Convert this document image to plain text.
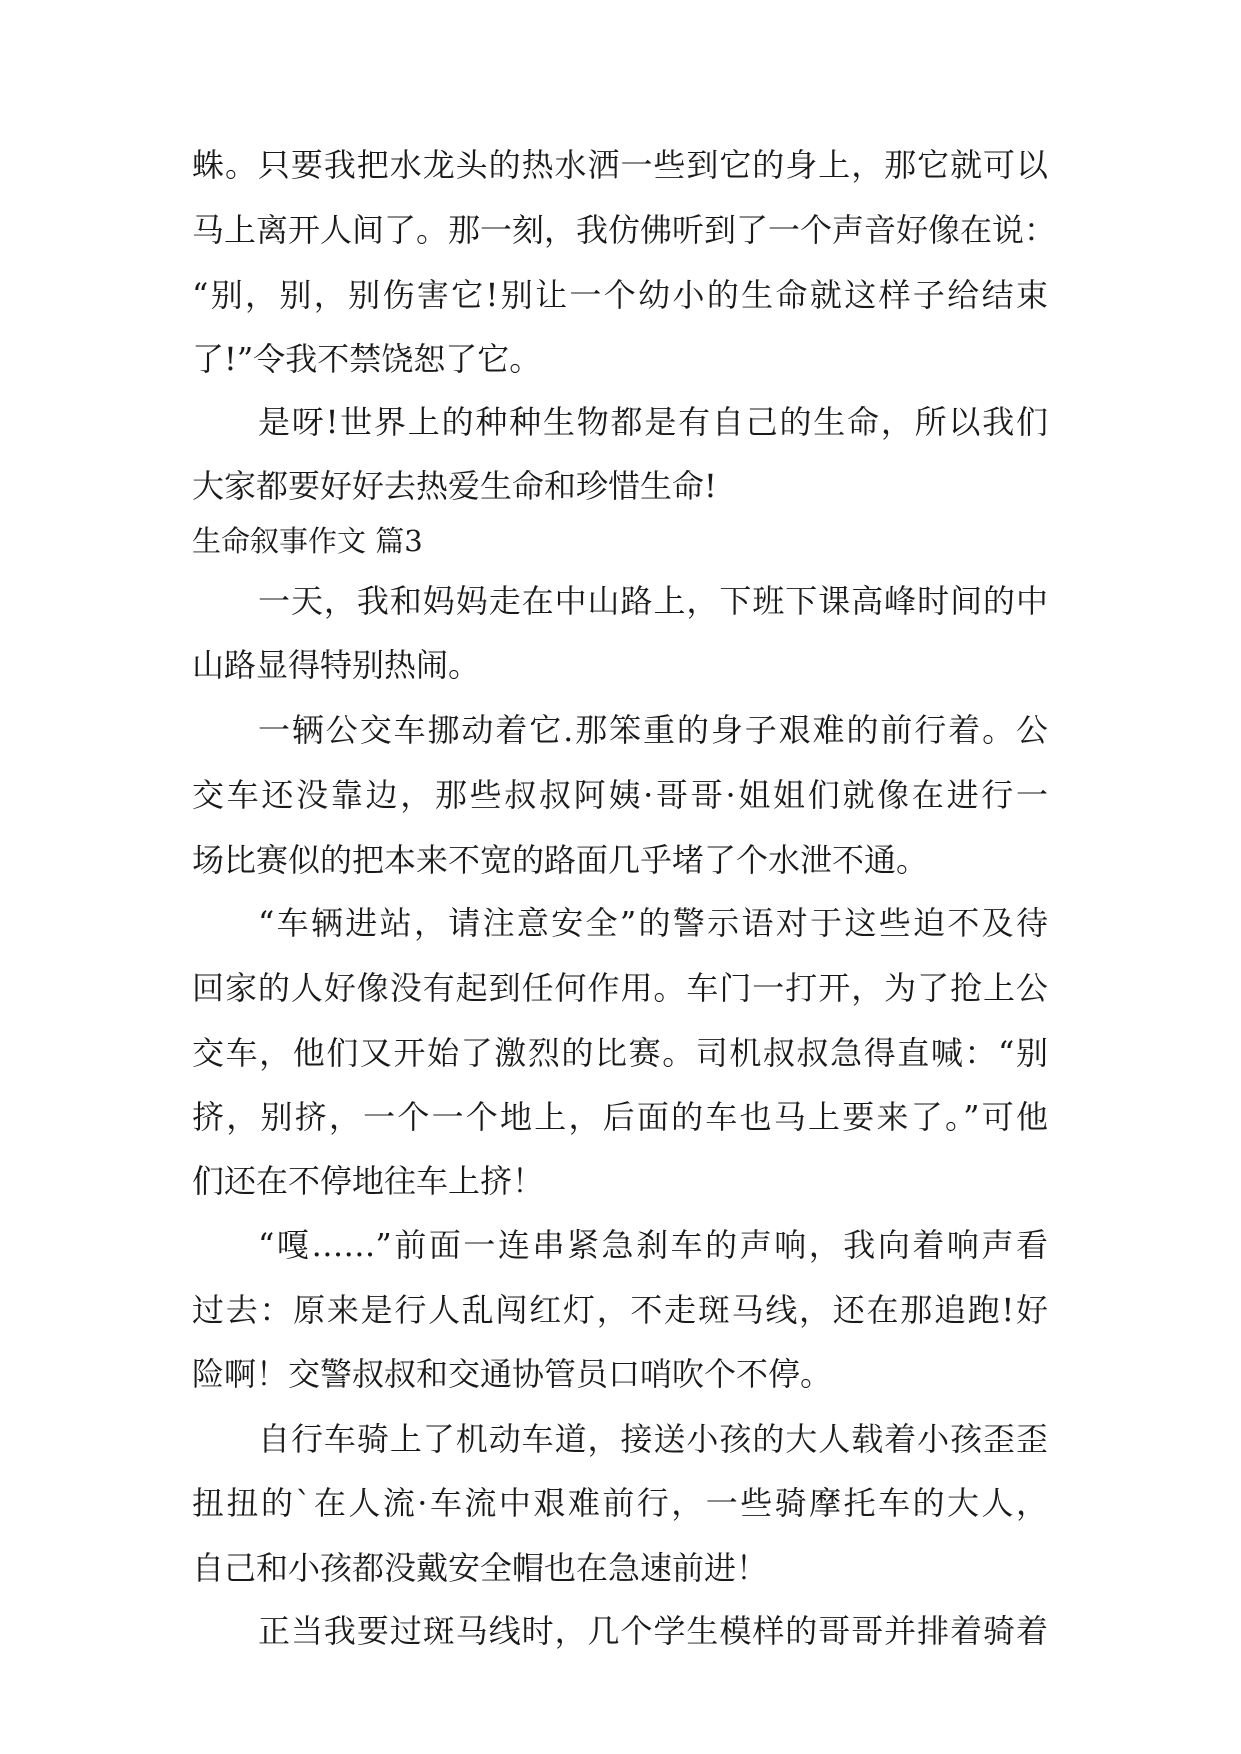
蛛。只要我把水龙头的热水洒一些到它的身上，那它就可以
马上离开人间了。那一刻，我仿佛听到了一个声音好像在说：
“别，别，别伤害它!别让一个幼小的生命就这样子给结束
了!”令我不禁饶恕了它。
是呀!世界上的种种生物都是有自己的生命，所以我们
大家都要好好去热爱生命和珍惜生命!
生命叙事作文 篇3
一天，我和妈妈走在中山路上，下班下课高峰时间的中
山路显得特别热闹。
一辆公交车挪动着它.那笨重的身子艰难的前行着。公
交车还没靠边，那些叔叔阿姨·哥哥·姐姐们就像在进行一
场比赛似的把本来不宽的路面几乎堵了个水泄不通。
“车辆进站，请注意安全”的警示语对于这些迫不及待
回家的人好像没有起到任何作用。车门一打开，为了抢上公
交车，他们又开始了激烈的比赛。司机叔叔急得直喊：“别
挤，别挤，一个一个地上，后面的车也马上要来了。”可他
们还在不停地往车上挤！
“嘎……”前面一连串紧急刹车的声响，我向着响声看
过去：原来是行人乱闯红灯，不走斑马线，还在那追跑!好
险啊！交警叔叔和交通协管员口哨吹个不停。
自行车骑上了机动车道，接送小孩的大人载着小孩歪歪
扭扭的`在人流·车流中艰难前行，一些骑摩托车的大人，
自己和小孩都没戴安全帽也在急速前进！
正当我要过斑马线时，几个学生模样的哥哥并排着骑着
